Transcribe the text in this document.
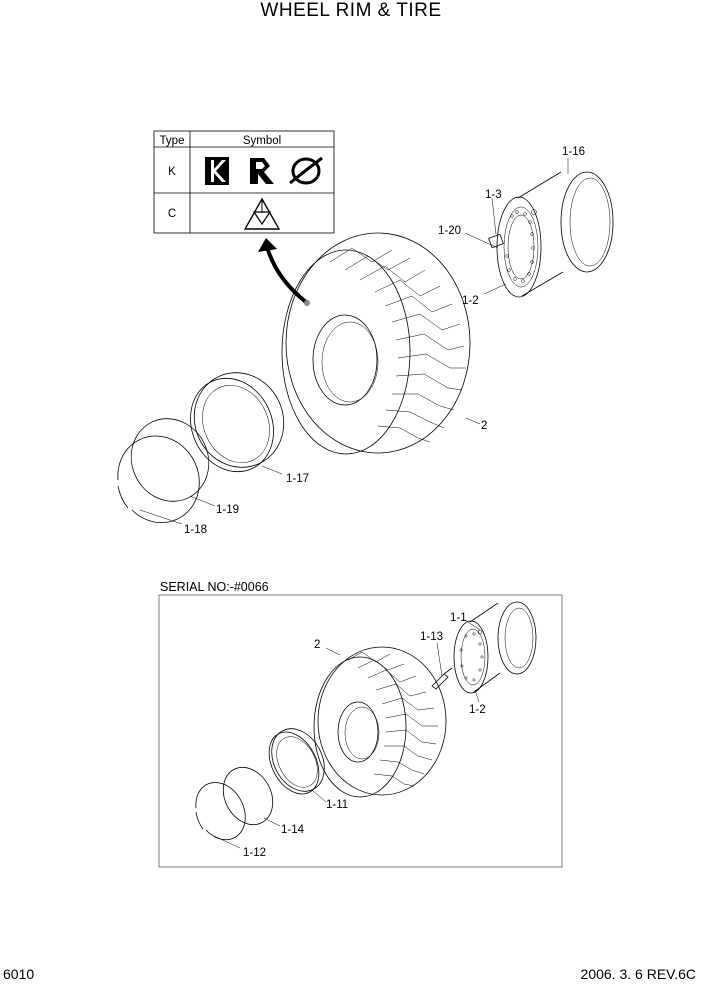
WHEEL RIM & TIRE
Type	Symbol
K
C
1-16
1-3
1-20
1-2
2
1-17
1-19
1-18
1-1
1-13
2
1-2
1-11
1-14
1-12
SERIAL NO:-#0066
6010	2006. 3. 6 REV.6C
